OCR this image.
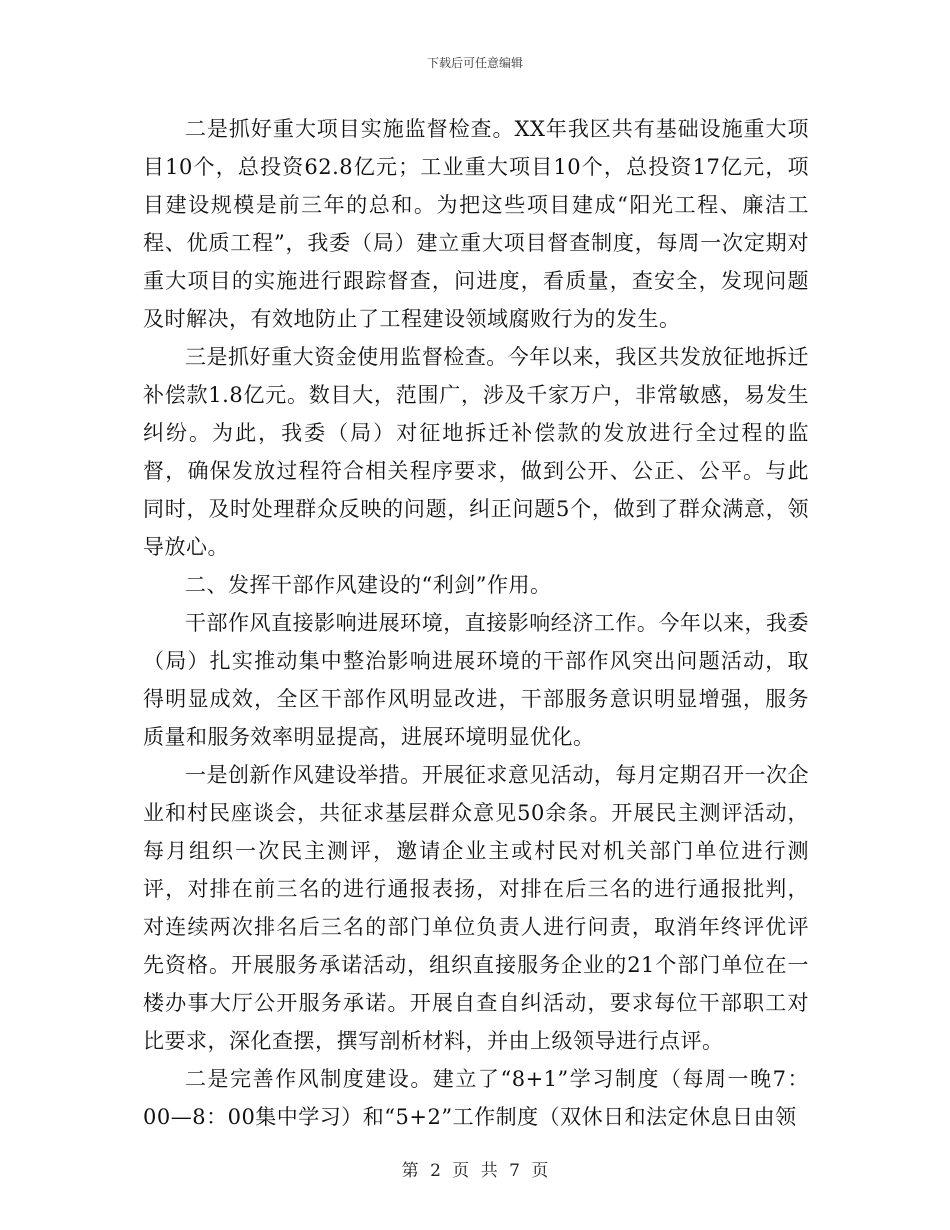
下载后可任意编辑

二是抓好重大项目实施监督检查。XX年我区共有基础设施重大项目10个，总投资62.8亿元；工业重大项目10个，总投资17亿元，项目建设规模是前三年的总和。为把这些项目建成“阳光工程、廉洁工程、优质工程”，我委（局）建立重大项目督查制度，每周一次定期对重大项目的实施进行跟踪督查，问进度，看质量，查安全，发现问题及时解决，有效地防止了工程建设领域腐败行为的发生。

三是抓好重大资金使用监督检查。今年以来，我区共发放征地拆迁补偿款1.8亿元。数目大，范围广，涉及千家万户，非常敏感，易发生纠纷。为此，我委（局）对征地拆迁补偿款的发放进行全过程的监督，确保发放过程符合相关程序要求，做到公开、公正、公平。与此同时，及时处理群众反映的问题，纠正问题5个，做到了群众满意，领导放心。

二、发挥干部作风建设的“利剑”作用。

干部作风直接影响进展环境，直接影响经济工作。今年以来，我委（局）扎实推动集中整治影响进展环境的干部作风突出问题活动，取得明显成效，全区干部作风明显改进，干部服务意识明显增强，服务质量和服务效率明显提高，进展环境明显优化。

一是创新作风建设举措。开展征求意见活动，每月定期召开一次企业和村民座谈会，共征求基层群众意见50余条。开展民主测评活动，每月组织一次民主测评，邀请企业主或村民对机关部门单位进行测评，对排在前三名的进行通报表扬，对排在后三名的进行通报批判，对连续两次排名后三名的部门单位负责人进行问责，取消年终评优评先资格。开展服务承诺活动，组织直接服务企业的21个部门单位在一楼办事大厅公开服务承诺。开展自查自纠活动，要求每位干部职工对比要求，深化查摆，撰写剖析材料，并由上级领导进行点评。

二是完善作风制度建设。建立了“8+1”学习制度（每周一晚7：00—8：00集中学习）和“5+2”工作制度（双休日和法定休息日由领

第 2 页 共 7 页
